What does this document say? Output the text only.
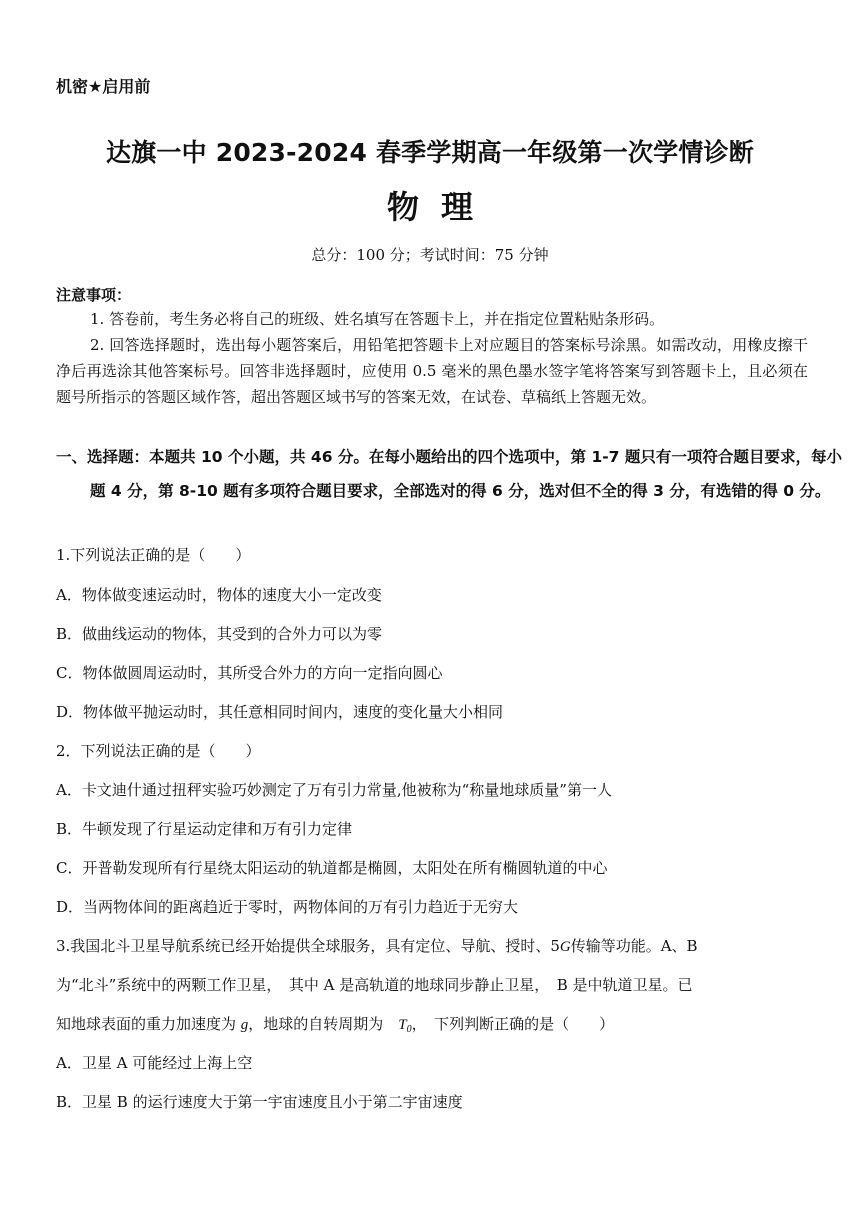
机密★启用前
达旗一中 2023-2024 春季学期高一年级第一次学情诊断
物理
总分：100 分；考试时间：75 分钟
注意事项：
1. 答卷前，考生务必将自己的班级、姓名填写在答题卡上，并在指定位置粘贴条形码。
2. 回答选择题时，选出每小题答案后，用铅笔把答题卡上对应题目的答案标号涂黑。如需改动，用橡皮擦干净后再选涂其他答案标号。回答非选择题时，应使用 0.5 毫米的黑色墨水签字笔将答案写到答题卡上，且必须在题号所指示的答题区域作答，超出答题区域书写的答案无效，在试卷、草稿纸上答题无效。
一、选择题：本题共 10 个小题，共 46 分。在每小题给出的四个选项中，第 1-7 题只有一项符合题目要求，每小题 4 分，第 8-10 题有多项符合题目要求，全部选对的得 6 分，选对但不全的得 3 分，有选错的得 0 分。
1.下列说法正确的是（　　）
A．物体做变速运动时，物体的速度大小一定改变
B．做曲线运动的物体，其受到的合外力可以为零
C．物体做圆周运动时，其所受合外力的方向一定指向圆心
D．物体做平抛运动时，其任意相同时间内，速度的变化量大小相同
2．下列说法正确的是（　　）
A．卡文迪什通过扭秤实验巧妙测定了万有引力常量,他被称为“称量地球质量”第一人
B．牛顿发现了行星运动定律和万有引力定律
C．开普勒发现所有行星绕太阳运动的轨道都是椭圆，太阳处在所有椭圆轨道的中心
D．当两物体间的距离趋近于零时，两物体间的万有引力趋近于无穷大
3.我国北斗卫星导航系统已经开始提供全球服务，具有定位、导航、授时、5G传输等功能。A、B
为“北斗”系统中的两颗工作卫星，　其中 A 是高轨道的地球同步静止卫星，　B 是中轨道卫星。已
知地球表面的重力加速度为 g，地球的自转周期为　$T_0$，　下列判断正确的是（　　）
A．卫星 A 可能经过上海上空
B．卫星 B 的运行速度大于第一宇宙速度且小于第二宇宙速度
